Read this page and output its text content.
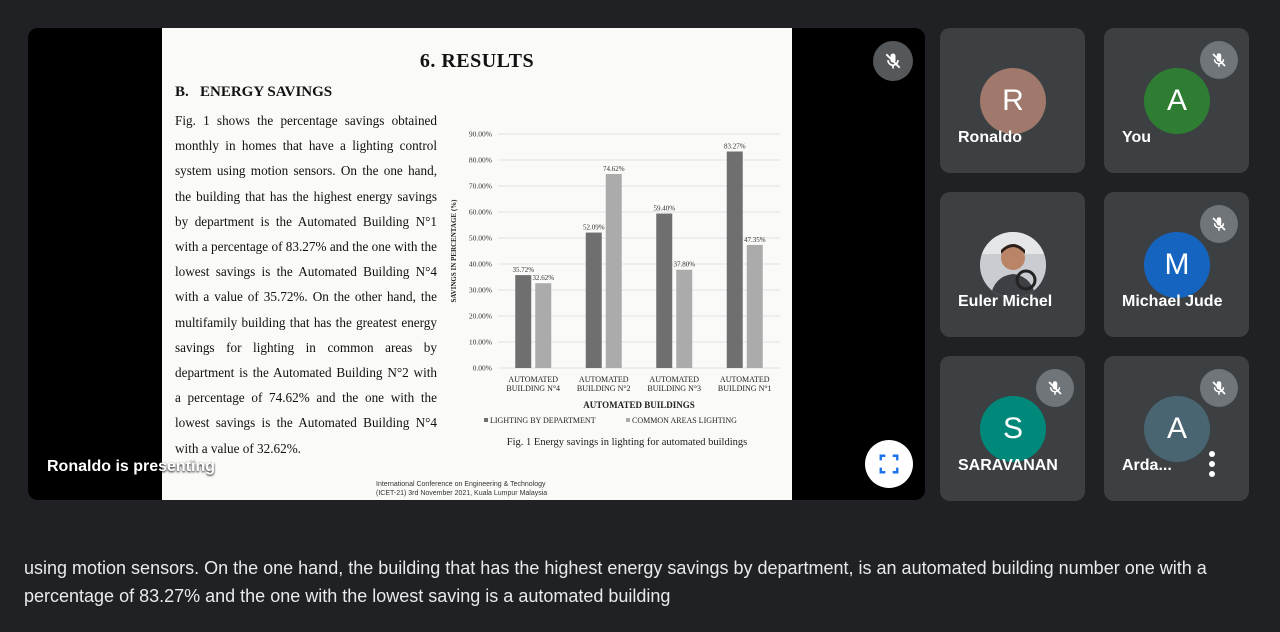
6. RESULTS
B.   ENERGY SAVINGS
Fig. 1 shows the percentage savings obtained monthly in homes that have a lighting control system using motion sensors. On the one hand, the building that has the highest energy savings by department is the Automated Building N°1 with a percentage of 83.27% and the one with the lowest savings is the Automated Building N°4 with a value of 35.72%. On the other hand, the multifamily building that has the greatest energy savings for lighting in common areas by department is the Automated Building N°2 with a percentage of 74.62% and the one with the lowest savings is the Automated Building N°4 with a value of 32.62%.
0.00%
10.00%
20.00%
30.00%
40.00%
50.00%
60.00%
70.00%
80.00%
90.00%
35.72%
32.62%
52.09%
74.62%
59.40%
37.80%
83.27%
47.35%
AUTOMATED
BUILDING N°4
AUTOMATED
BUILDING N°2
AUTOMATED
BUILDING N°3
AUTOMATED
BUILDING N°1
SAVINGS IN PERCENTAGE (%)
AUTOMATED BUILDINGS
LIGHTING BY DEPARTMENT	COMMON AREAS LIGHTING
Fig. 1 Energy savings in lighting for automated buildings
International Conference on Engineering & Technology
(ICET-21) 3rd November 2021, Kuala Lumpur Malaysia
Ronaldo is presenting
R
Ronaldo
A
You
Euler Michel
M
Michael Jude
S
SARAVANAN
A
Arda...
using motion sensors. On the one hand, the building that has the highest energy savings by department, is an automated building number one with a
percentage of 83.27% and the one with the lowest saving is a automated building
